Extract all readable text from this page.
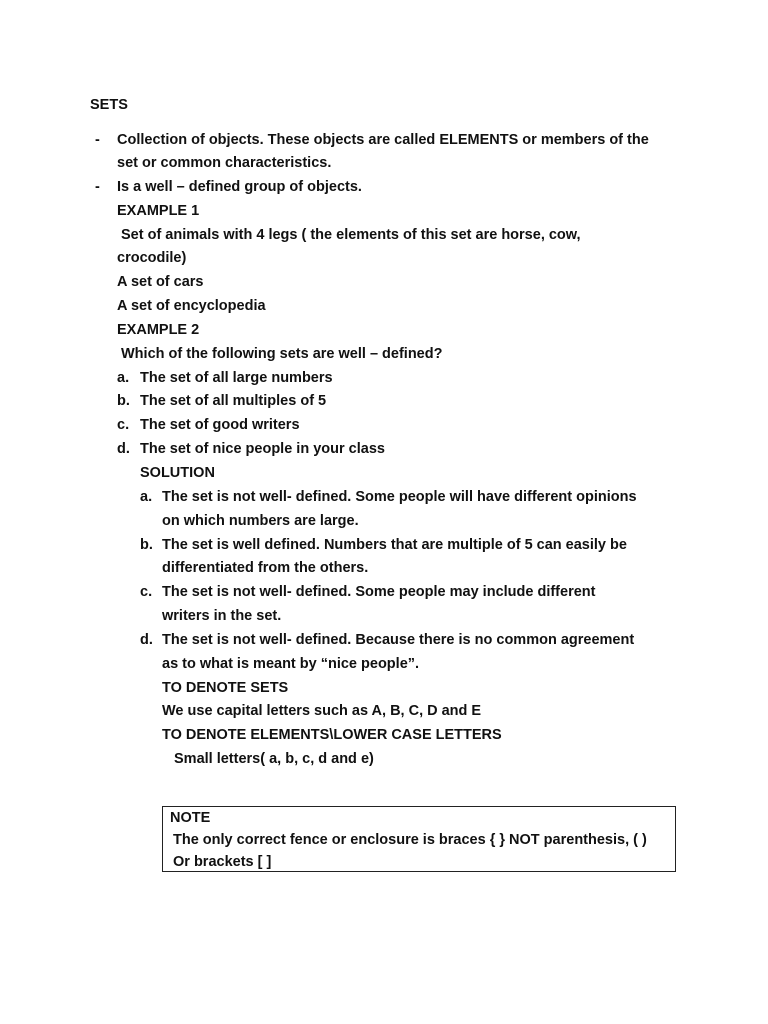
SETS
- Collection of objects. These objects are called ELEMENTS or members of the
set or common characteristics.
- Is a well – defined group of objects.
EXAMPLE 1
Set of animals with 4 legs ( the elements of this set are horse, cow,
crocodile)
A set of cars
A set of encyclopedia
EXAMPLE 2
Which of the following sets are well – defined?
a. The set of all large numbers
b. The set of all multiples of 5
c. The set of good writers
d. The set of nice people in your class
SOLUTION
a. The set is not well- defined. Some people will have different opinions
on which numbers are large.
b. The set is well defined. Numbers that are multiple of 5 can easily be
differentiated from the others.
c. The set is not well- defined. Some people may include different
writers in the set.
d. The set is not well- defined. Because there is no common agreement
as to what is meant by “nice people”.
TO DENOTE SETS
We use capital letters such as A, B, C, D and E
TO DENOTE ELEMENTS\LOWER CASE LETTERS
Small letters( a, b, c, d and e)
NOTE
The only correct fence or enclosure is braces { } NOT parenthesis, ( )
Or brackets [ ]
